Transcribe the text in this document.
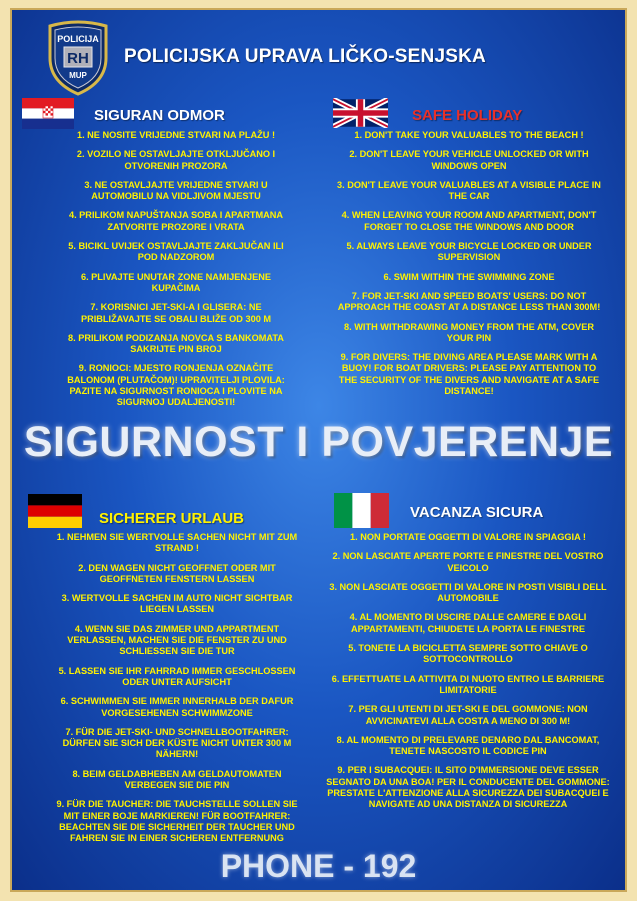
POLICIJA
RH
MUP
POLICIJSKA UPRAVA LIČKO-SENJSKA
SIGURAN ODMOR
1. NE NOSITE VRIJEDNE STVARI NA PLAŽU !
2. VOZILO NE OSTAVLJAJTE OTKLJUČANO I OTVORENIH PROZORA
3. NE OSTAVLJAJTE VRIJEDNE STVARI U AUTOMOBILU NA VIDLJIVOM MJESTU
4. PRILIKOM NAPUŠTANJA SOBA I APARTMANA ZATVORITE PROZORE I VRATA
5. BICIKL UVIJEK OSTAVLJAJTE ZAKLJUČAN ILI POD NADZOROM
6. PLIVAJTE UNUTAR ZONE NAMIJENJENE KUPAČIMA
7. KORISNICI JET-SKI-A I GLISERA: NE PRIBLIŽAVAJTE SE OBALI BLIŽE OD 300 M
8. PRILIKOM PODIZANJA NOVCA S BANKOMATA SAKRIJTE PIN BROJ
9. RONIOCI: MJESTO RONJENJA OZNAČITE BALONOM (PLUTAČOM)! UPRAVITELJI PLOVILA: PAZITE NA SIGURNOST RONIOCA I PLOVITE NA SIGURNOJ UDALJENOSTI!
SAFE HOLIDAY
1. DON'T TAKE YOUR VALUABLES TO THE BEACH !
2. DON'T LEAVE YOUR VEHICLE UNLOCKED OR WITH WINDOWS OPEN
3. DON'T LEAVE YOUR VALUABLES AT A VISIBLE PLACE IN THE CAR
4. WHEN LEAVING YOUR ROOM AND APARTMENT, DON'T FORGET TO CLOSE THE WINDOWS AND DOOR
5. ALWAYS LEAVE YOUR BICYCLE LOCKED OR UNDER SUPERVISION
6. SWIM WITHIN THE SWIMMING ZONE
7. FOR JET-SKI AND SPEED BOATS' USERS: DO NOT APPROACH THE COAST AT A DISTANCE LESS THAN 300M!
8. WITH WITHDRAWING MONEY FROM THE ATM, COVER YOUR PIN
9. FOR DIVERS: THE DIVING AREA PLEASE MARK WITH A BUOY! FOR BOAT DRIVERS: PLEASE PAY ATTENTION TO THE SECURITY OF THE DIVERS AND NAVIGATE AT A SAFE DISTANCE!
SIGURNOST I POVJERENJE
SICHERER URLAUB
1. NEHMEN SIE WERTVOLLE SACHEN NICHT MIT ZUM STRAND !
2. DEN WAGEN NICHT GEOFFNET ODER MIT GEOFFNETEN FENSTERN LASSEN
3. WERTVOLLE SACHEN IM AUTO NICHT SICHTBAR LIEGEN LASSEN
4. WENN SIE DAS ZIMMER UND APPARTMENT VERLASSEN, MACHEN SIE DIE FENSTER ZU UND SCHLIESSEN SIE DIE TUR
5. LASSEN SIE IHR FAHRRAD IMMER GESCHLOSSEN ODER UNTER AUFSICHT
6. SCHWIMMEN SIE IMMER INNERHALB DER DAFUR VORGESEHENEN SCHWIMMZONE
7. FÜR DIE JET-SKI- UND SCHNELLBOOTFAHRER: DÜRFEN SIE SICH DER KÜSTE NICHT UNTER 300 M NÄHERN!
8. BEIM GELDABHEBEN AM GELDAUTOMATEN VERBEGEN SIE DIE PIN
9. FÜR DIE TAUCHER: DIE TAUCHSTELLE SOLLEN SIE MIT EINER BOJE MARKIEREN! FÜR BOOTFAHRER: BEACHTEN SIE DIE SICHERHEIT DER TAUCHER UND FAHREN SIE IN EINER SICHEREN ENTFERNUNG
VACANZA SICURA
1. NON PORTATE OGGETTI DI VALORE IN SPIAGGIA !
2. NON LASCIATE APERTE PORTE E FINESTRE DEL VOSTRO VEICOLO
3. NON LASCIATE OGGETTI DI VALORE IN POSTI VISIBLI DELL AUTOMOBILE
4. AL MOMENTO DI USCIRE DALLE CAMERE E DAGLI APPARTAMENTI, CHIUDETE LA PORTA LE FINESTRE
5. TONETE LA BICICLETTA SEMPRE SOTTO CHIAVE O SOTTOCONTROLLO
6. EFFETTUATE LA ATTIVITA DI NUOTO ENTRO LE BARRIERE LIMITATORIE
7. PER GLI UTENTI DI JET-SKI E DEL GOMMONE: NON AVVICINATEVI ALLA COSTA A MENO DI 300 M!
8. AL MOMENTO DI PRELEVARE DENARO DAL BANCOMAT, TENETE NASCOSTO IL CODICE PIN
9. PER I SUBACQUEI: IL SITO D'IMMERSIONE DEVE ESSER SEGNATO DA UNA BOA! PER IL CONDUCENTE DEL GOMMONE: PRESTATE L'ATTENZIONE ALLA SICUREZZA DEI SUBACQUEI E NAVIGATE AD UNA DISTANZA DI SICUREZZA
PHONE - 192
